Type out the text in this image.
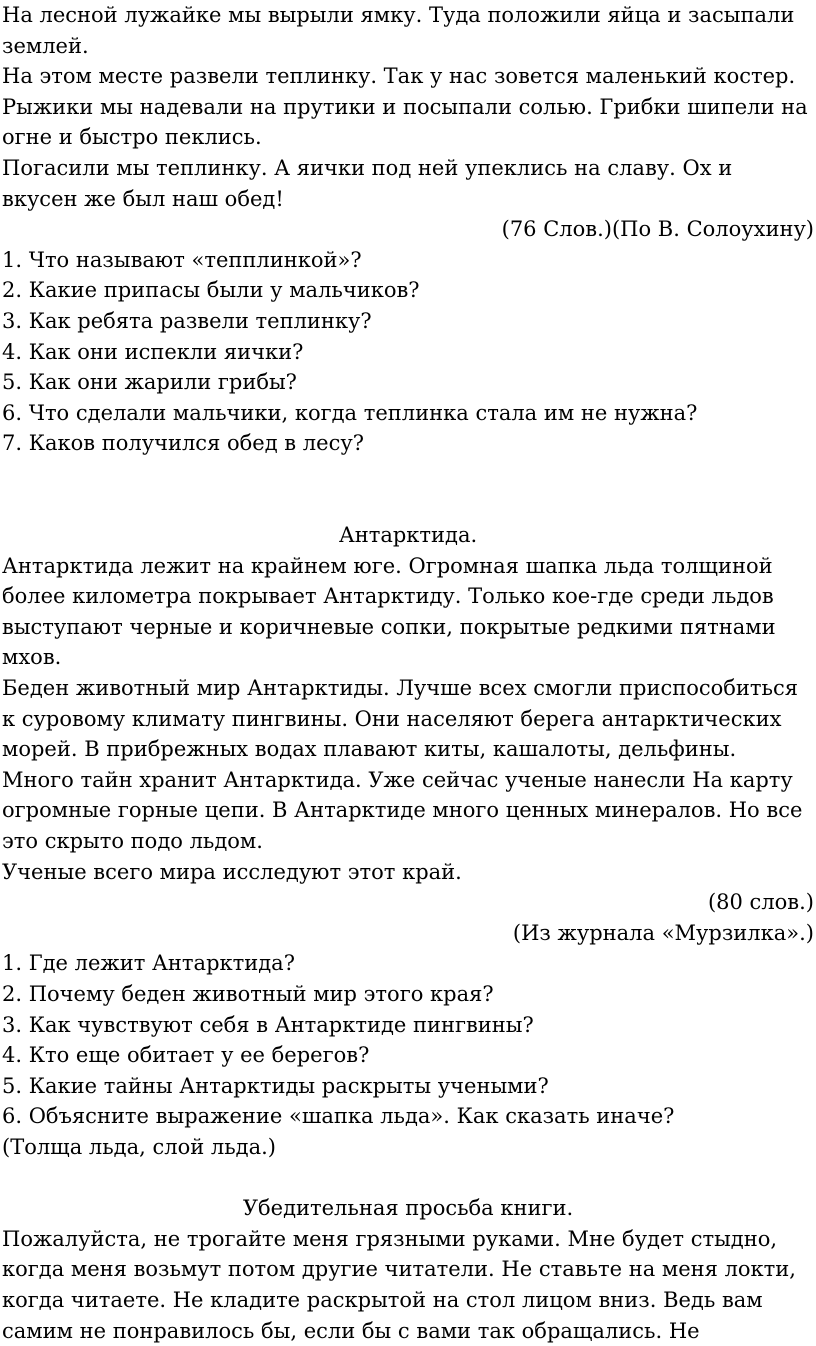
На лесной лужайке мы вырыли ямку. Туда положили яйца и засыпали землей.

На этом месте развели теплинку. Так у нас зовется маленький костер. Рыжики мы надевали на прутики и посыпали солью. Грибки шипели на огне и быстро пеклись.

Погасили мы теплинку. А яички под ней упеклись на славу. Ох и вкусен же был наш обед!

(76 Слов.)(По В. Солоухину)

1. Что называют «тепплинкой»?
2. Какие припасы были у мальчиков?
3. Как ребята развели теплинку?
4. Как они испекли яички?
5. Как они жарили грибы?
6. Что сделали мальчики, когда теплинка стала им не нужна?
7. Каков получился обед в лесу?

Антарктида.

Антарктида лежит на крайнем юге. Огромная шапка льда толщиной более километра покрывает Антарктиду. Только кое-где среди льдов выступают черные и коричневые сопки, покрытые редкими пятнами мхов.

Беден животный мир Антарктиды. Лучше всех смогли приспособиться к суровому климату пингвины. Они населяют берега антарктических морей. В прибрежных водах плавают киты, кашалоты, дельфины.

Много тайн хранит Антарктида. Уже сейчас ученые нанесли На карту огромные горные цепи. В Антарктиде много ценных минералов. Но все это скрыто подо льдом.

Ученые всего мира исследуют этот край.

(80 слов.)

(Из журнала «Мурзилка».)

1. Где лежит Антарктида?
2. Почему беден животный мир этого края?
3. Как чувствуют себя в Антарктиде пингвины?
4. Кто еще обитает у ее берегов?
5. Какие тайны Антарктиды раскрыты учеными?
6. Объясните выражение «шапка льда». Как сказать иначе?

(Толща льда, слой льда.)

Убедительная просьба книги.

Пожалуйста, не трогайте меня грязными руками. Мне будет стыдно, когда меня возьмут потом другие читатели. Не ставьте на меня локти, когда читаете. Не кладите раскрытой на стол лицом вниз. Ведь вам самим не понравилось бы, если бы с вами так обращались. Не
